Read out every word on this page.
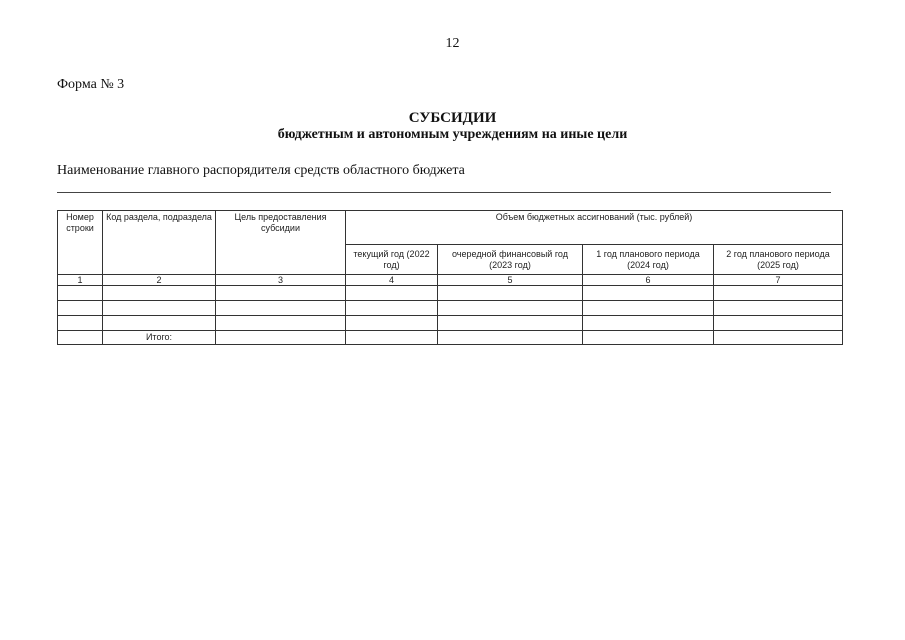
12
Форма № 3
СУБСИДИИ
бюджетным и автономным учреждениям на иные цели
Наименование главного распорядителя средств областного бюджета
Номер строки	Код раздела, подраздела	Цель предоставления субсидии	Объем бюджетных ассигнований (тыс. рублей)			
			текущий год (2022 год)	очередной финансовый год (2023 год)	1 год планового периода (2024 год)	2 год планового периода (2025 год)
1	2	3	4	5	6	7

	Итого:					
